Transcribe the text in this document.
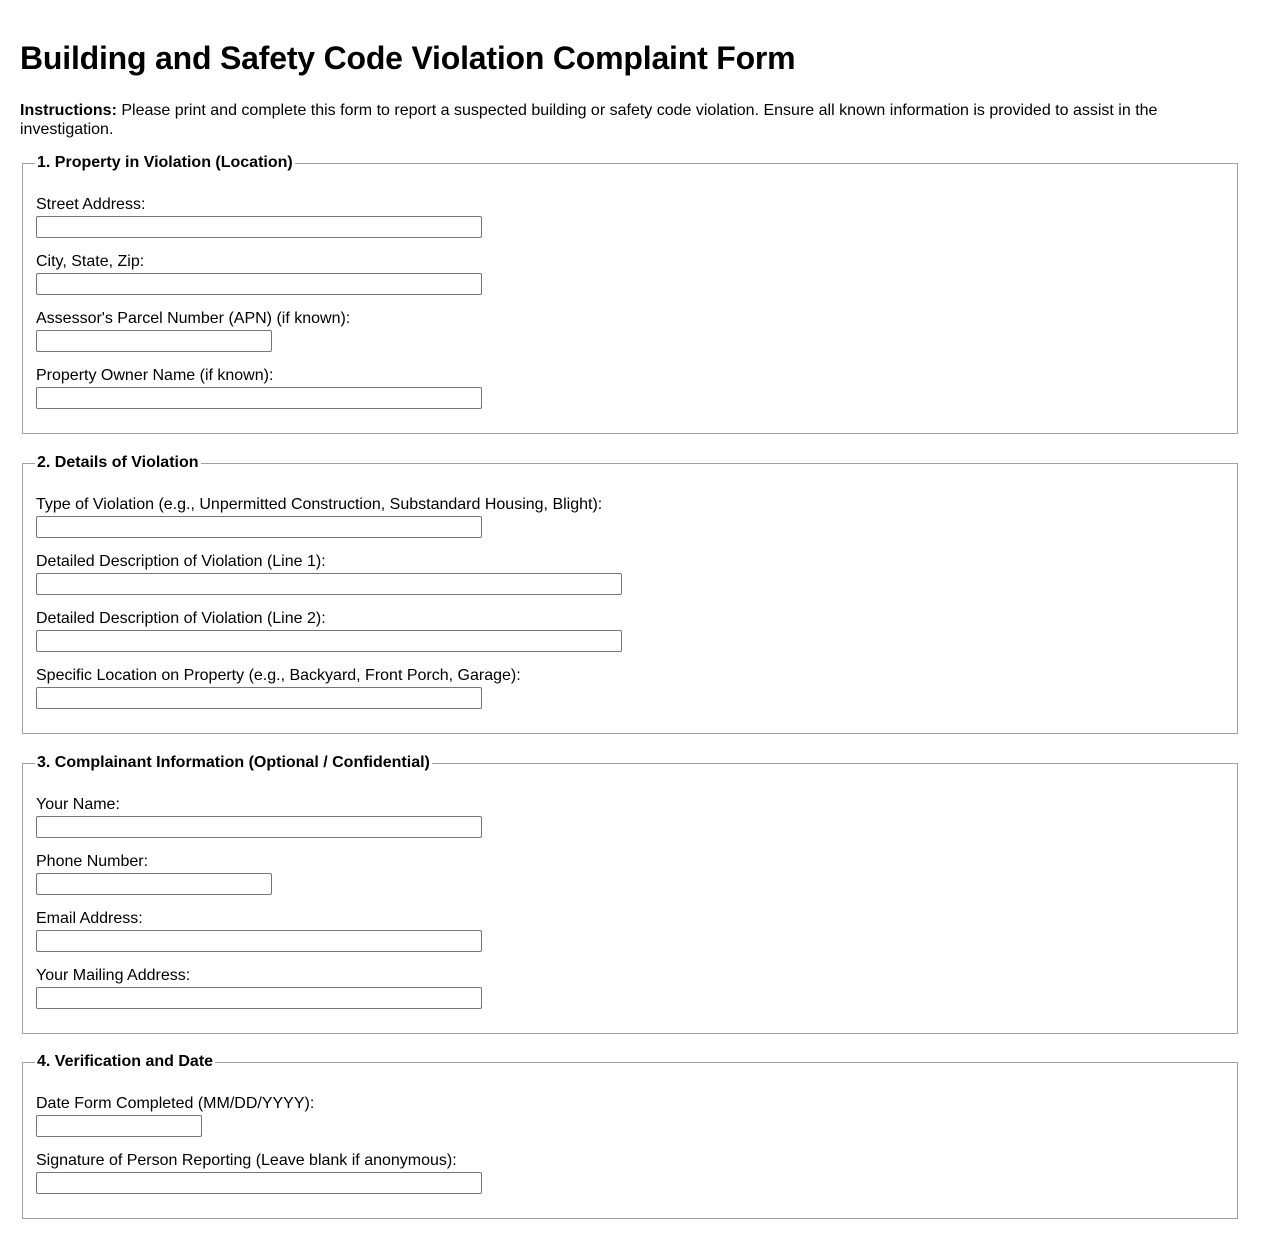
Building and Safety Code Violation Complaint Form

Instructions: Please print and complete this form to report a suspected building or safety code violation. Ensure all known information is provided to assist in the investigation.

1. Property in Violation (Location)
Street Address:
City, State, Zip:
Assessor's Parcel Number (APN) (if known):
Property Owner Name (if known):
2. Details of Violation
Type of Violation (e.g., Unpermitted Construction, Substandard Housing, Blight):
Detailed Description of Violation (Line 1):
Detailed Description of Violation (Line 2):
Specific Location on Property (e.g., Backyard, Front Porch, Garage):
3. Complainant Information (Optional / Confidential)
Your Name:
Phone Number:
Email Address:
Your Mailing Address:
4. Verification and Date
Date Form Completed (MM/DD/YYYY):
Signature of Person Reporting (Leave blank if anonymous):
